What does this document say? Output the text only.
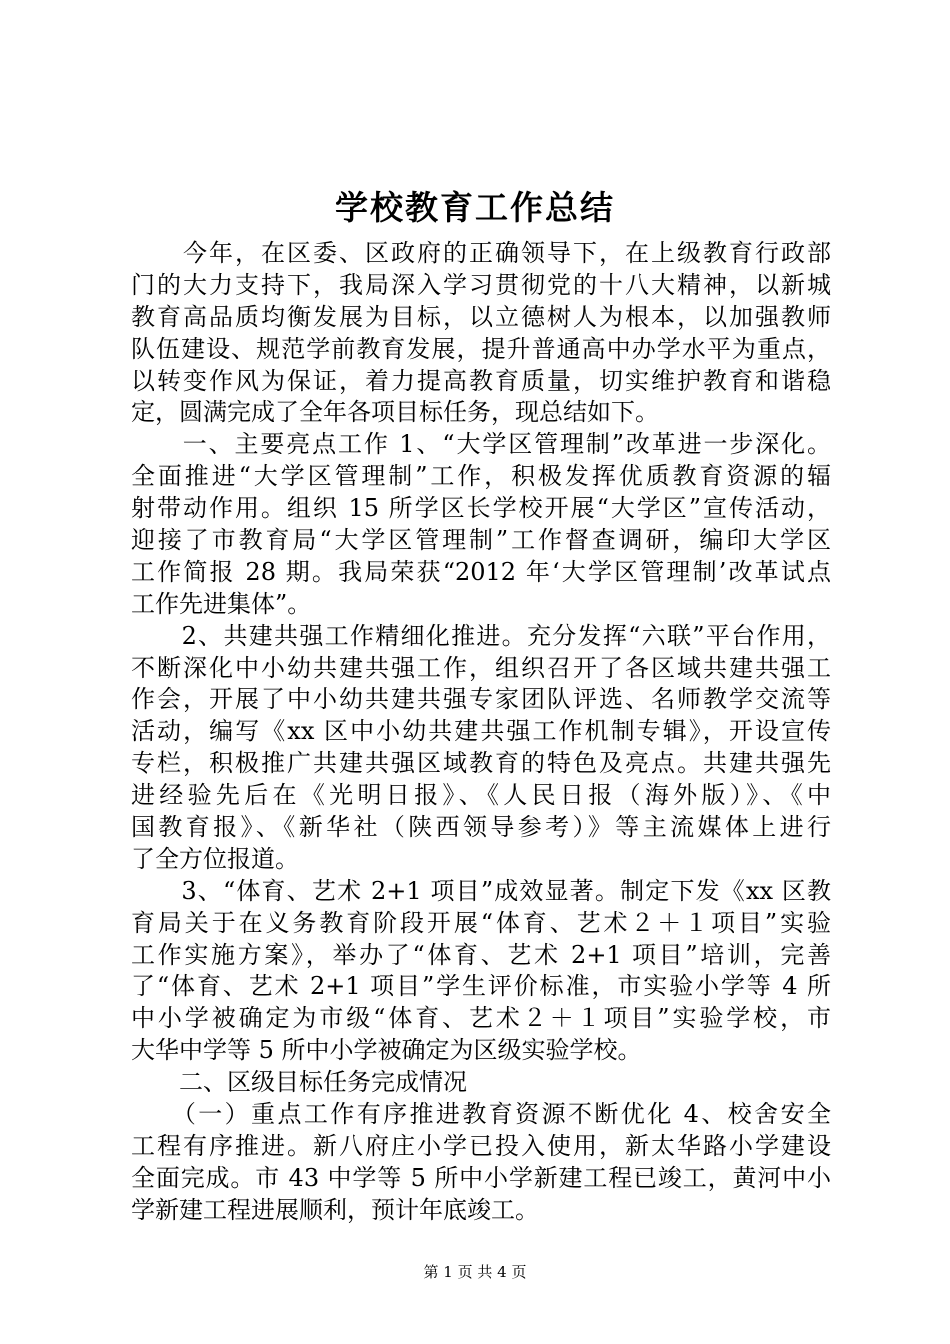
学校教育工作总结

　　今年，在区委、区政府的正确领导下，在上级教育行政部

门的大力支持下，我局深入学习贯彻党的十八大精神，以新城

教育高品质均衡发展为目标，以立德树人为根本，以加强教师

队伍建设、规范学前教育发展，提升普通高中办学水平为重点，

以转变作风为保证，着力提高教育质量，切实维护教育和谐稳

定，圆满完成了全年各项目标任务，现总结如下。

　　一、主要亮点工作 1、“大学区管理制”改革进一步深化。

全面推进“大学区管理制”工作，积极发挥优质教育资源的辐

射带动作用。组织 15 所学区长学校开展“大学区”宣传活动，

迎接了市教育局“大学区管理制”工作督查调研，编印大学区

工作简报 28 期。我局荣获“2012 年‘大学区管理制’改革试点

工作先进集体”。

　　2、共建共强工作精细化推进。充分发挥“六联”平台作用，

不断深化中小幼共建共强工作，组织召开了各区域共建共强工

作会，开展了中小幼共建共强专家团队评选、名师教学交流等

活动，编写《xx 区中小幼共建共强工作机制专辑》，开设宣传

专栏，积极推广共建共强区域教育的特色及亮点。共建共强先

进经验先后在《光明日报》、《人民日报（海外版）》、《中

国教育报》、《新华社（陕西领导参考）》等主流媒体上进行

了全方位报道。

　　3、“体育、艺术 2+1 项目”成效显著。制定下发《xx 区教

育局关于在义务教育阶段开展“体育、艺术２＋１项目”实验

工作实施方案》，举办了“体育、艺术 2+1 项目”培训，完善

了“体育、艺术 2+1 项目”学生评价标准，市实验小学等 4 所

中小学被确定为市级“体育、艺术２＋１项目”实验学校，市

大华中学等 5 所中小学被确定为区级实验学校。

　　二、区级目标任务完成情况

　　（一）重点工作有序推进教育资源不断优化 4、校舍安全

工程有序推进。新八府庄小学已投入使用，新太华路小学建设

全面完成。市 43 中学等 5 所中小学新建工程已竣工，黄河中小

学新建工程进展顺利，预计年底竣工。

第 1 页 共 4 页
